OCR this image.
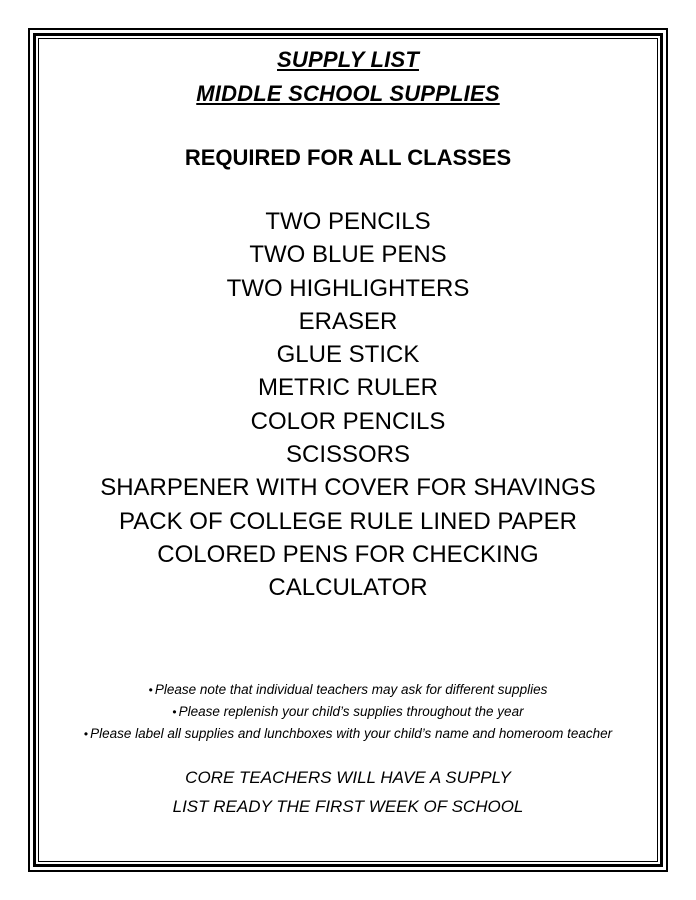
SUPPLY LIST
MIDDLE SCHOOL SUPPLIES
REQUIRED FOR ALL CLASSES
TWO PENCILS
TWO BLUE PENS
TWO HIGHLIGHTERS
ERASER
GLUE STICK
METRIC RULER
COLOR PENCILS
SCISSORS
SHARPENER WITH COVER FOR SHAVINGS
PACK OF COLLEGE RULE LINED PAPER
COLORED PENS FOR CHECKING
CALCULATOR
• Please note that individual teachers may ask for different supplies
• Please replenish your child’s supplies throughout the year
• Please label all supplies and lunchboxes with your child’s name and homeroom teacher
CORE TEACHERS WILL HAVE A SUPPLY
LIST READY THE FIRST WEEK OF SCHOOL
